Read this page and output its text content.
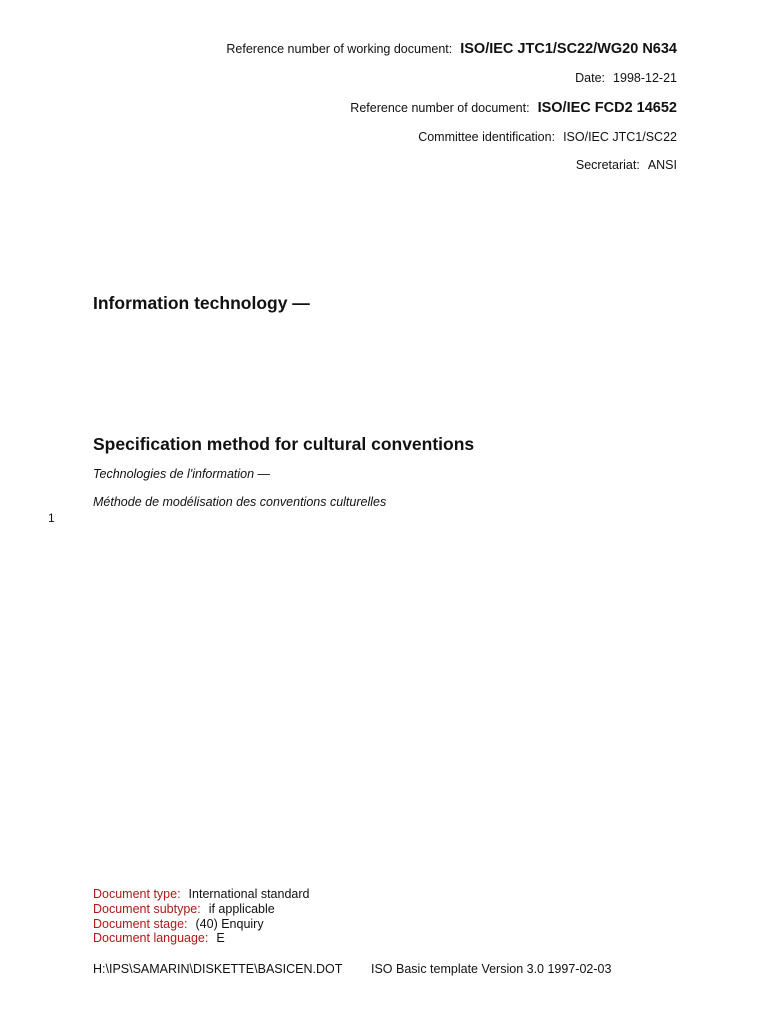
Reference number of working document: ISO/IEC JTC1/SC22/WG20 N634
Date: 1998-12-21
Reference number of document: ISO/IEC FCD2 14652
Committee identification: ISO/IEC JTC1/SC22
Secretariat: ANSI
Information technology —
Specification method for cultural conventions
Technologies de l'information —
Méthode de modélisation des conventions culturelles
1
Document type: International standard
Document subtype: if applicable
Document stage: (40) Enquiry
Document language: E
H:\IPS\SAMARIN\DISKETTE\BASICEN.DOT ISO Basic template Version 3.0 1997-02-03
